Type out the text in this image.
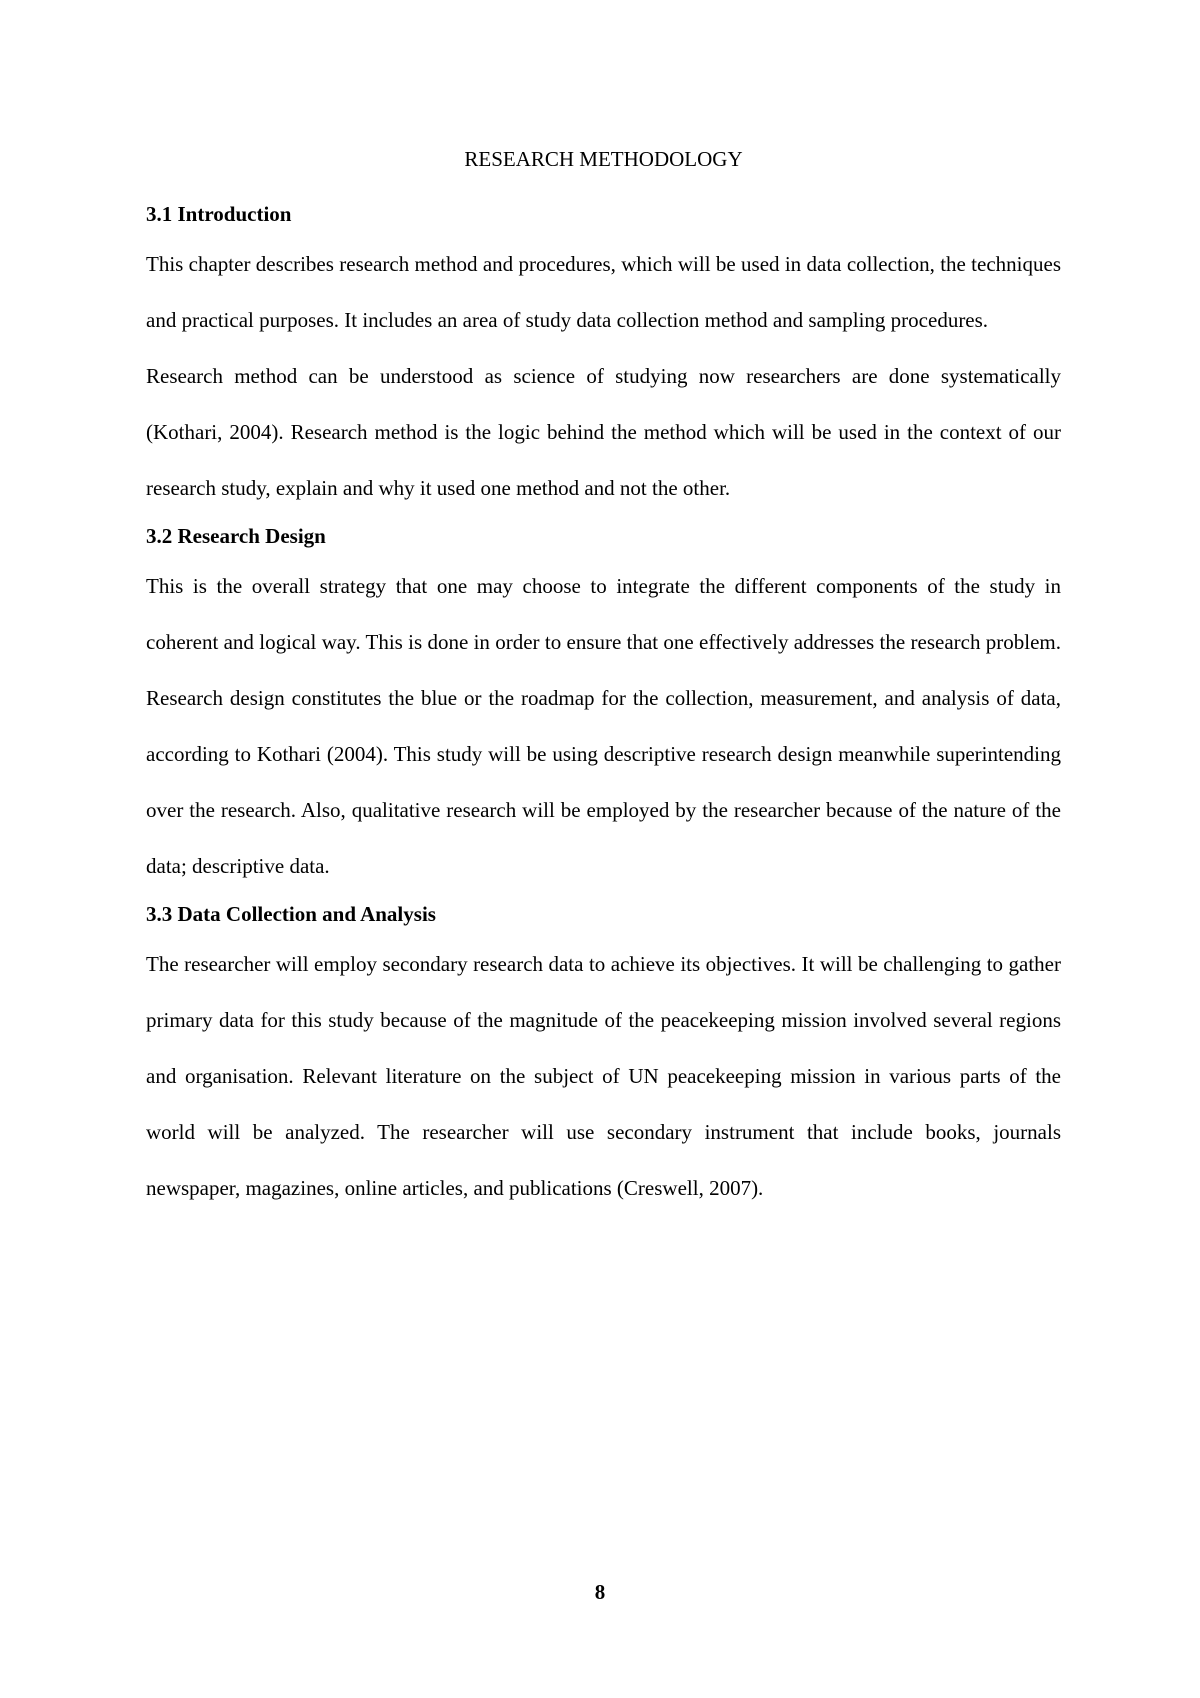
RESEARCH METHODOLOGY
3.1 Introduction

This chapter describes research method and procedures, which will be used in data collection, the techniques and practical purposes. It includes an area of study data collection method and sampling procedures.

Research method can be understood as science of studying now researchers are done systematically (Kothari, 2004). Research method is the logic behind the method which will be used in the context of our research study, explain and why it used one method and not the other.

3.2 Research Design

This is the overall strategy that one may choose to integrate the different components of the study in coherent and logical way. This is done in order to ensure that one effectively addresses the research problem. Research design constitutes the blue or the roadmap for the collection, measurement, and analysis of data, according to Kothari (2004). This study will be using descriptive research design meanwhile superintending over the research. Also, qualitative research will be employed by the researcher because of the nature of the data; descriptive data.

3.3 Data Collection and Analysis

The researcher will employ secondary research data to achieve its objectives. It will be challenging to gather primary data for this study because of the magnitude of the peacekeeping mission involved several regions and organisation. Relevant literature on the subject of UN peacekeeping mission in various parts of the world will be analyzed. The researcher will use secondary instrument that include books, journals newspaper, magazines, online articles, and publications (Creswell, 2007).

8
